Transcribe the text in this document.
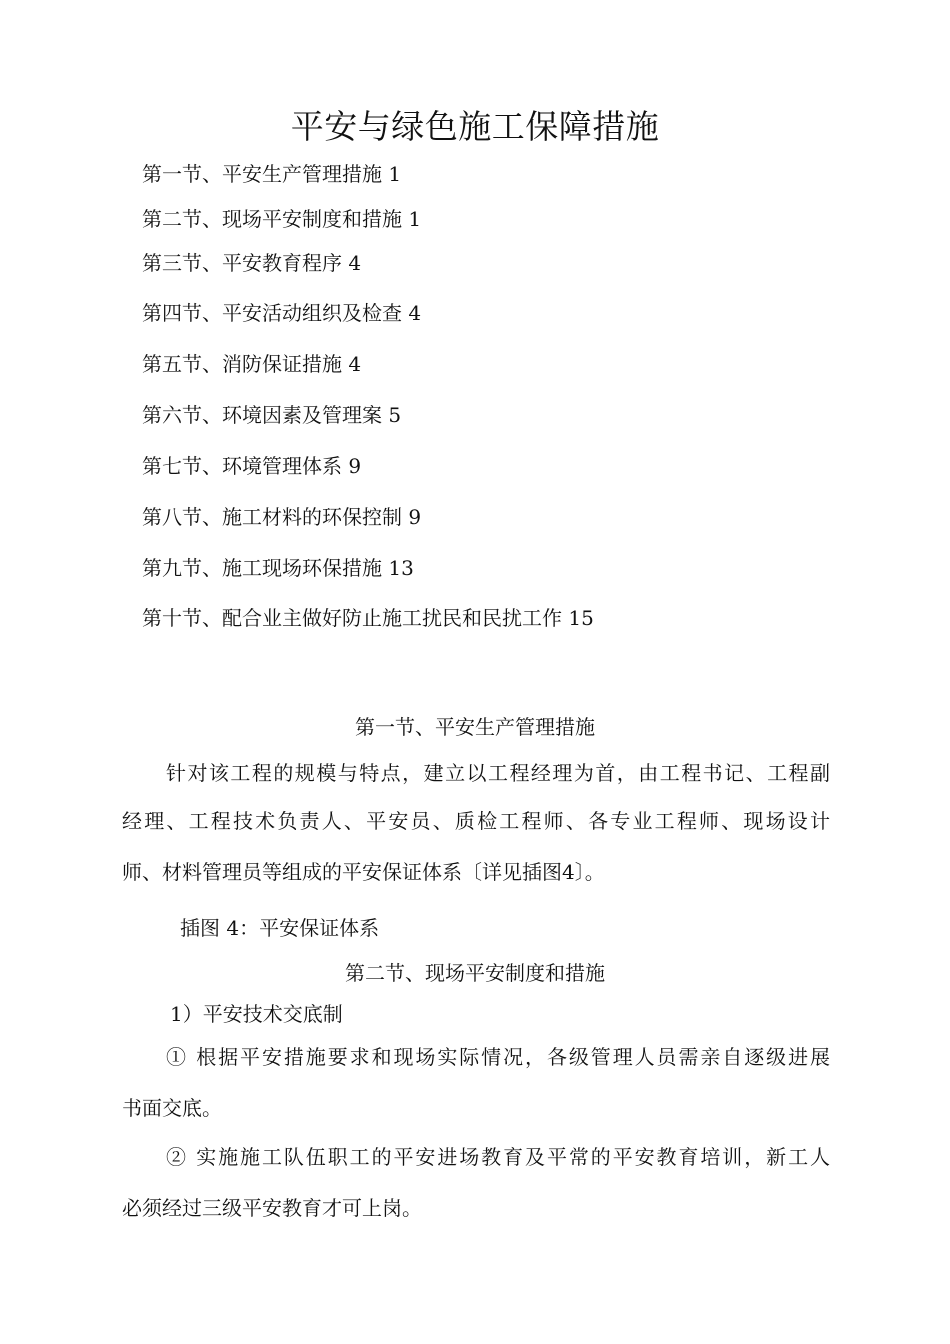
平安与绿色施工保障措施
第一节、平安生产管理措施 1
第二节、现场平安制度和措施 1
第三节、平安教育程序 4
第四节、平安活动组织及检查 4
第五节、消防保证措施 4
第六节、环境因素及管理案 5
第七节、环境管理体系 9
第八节、施工材料的环保控制 9
第九节、施工现场环保措施 13
第十节、配合业主做好防止施工扰民和民扰工作 15
第一节、平安生产管理措施
针对该工程的规模与特点，建立以工程经理为首，由工程书记、工程副
经理、工程技术负责人、平安员、质检工程师、各专业工程师、现场设计
师、材料管理员等组成的平安保证体系〔详见插图4〕。
插图 4：平安保证体系
第二节、现场平安制度和措施
1）平安技术交底制
① 根据平安措施要求和现场实际情况，各级管理人员需亲自逐级进展
书面交底。
② 实施施工队伍职工的平安进场教育及平常的平安教育培训，新工人
必须经过三级平安教育才可上岗。
